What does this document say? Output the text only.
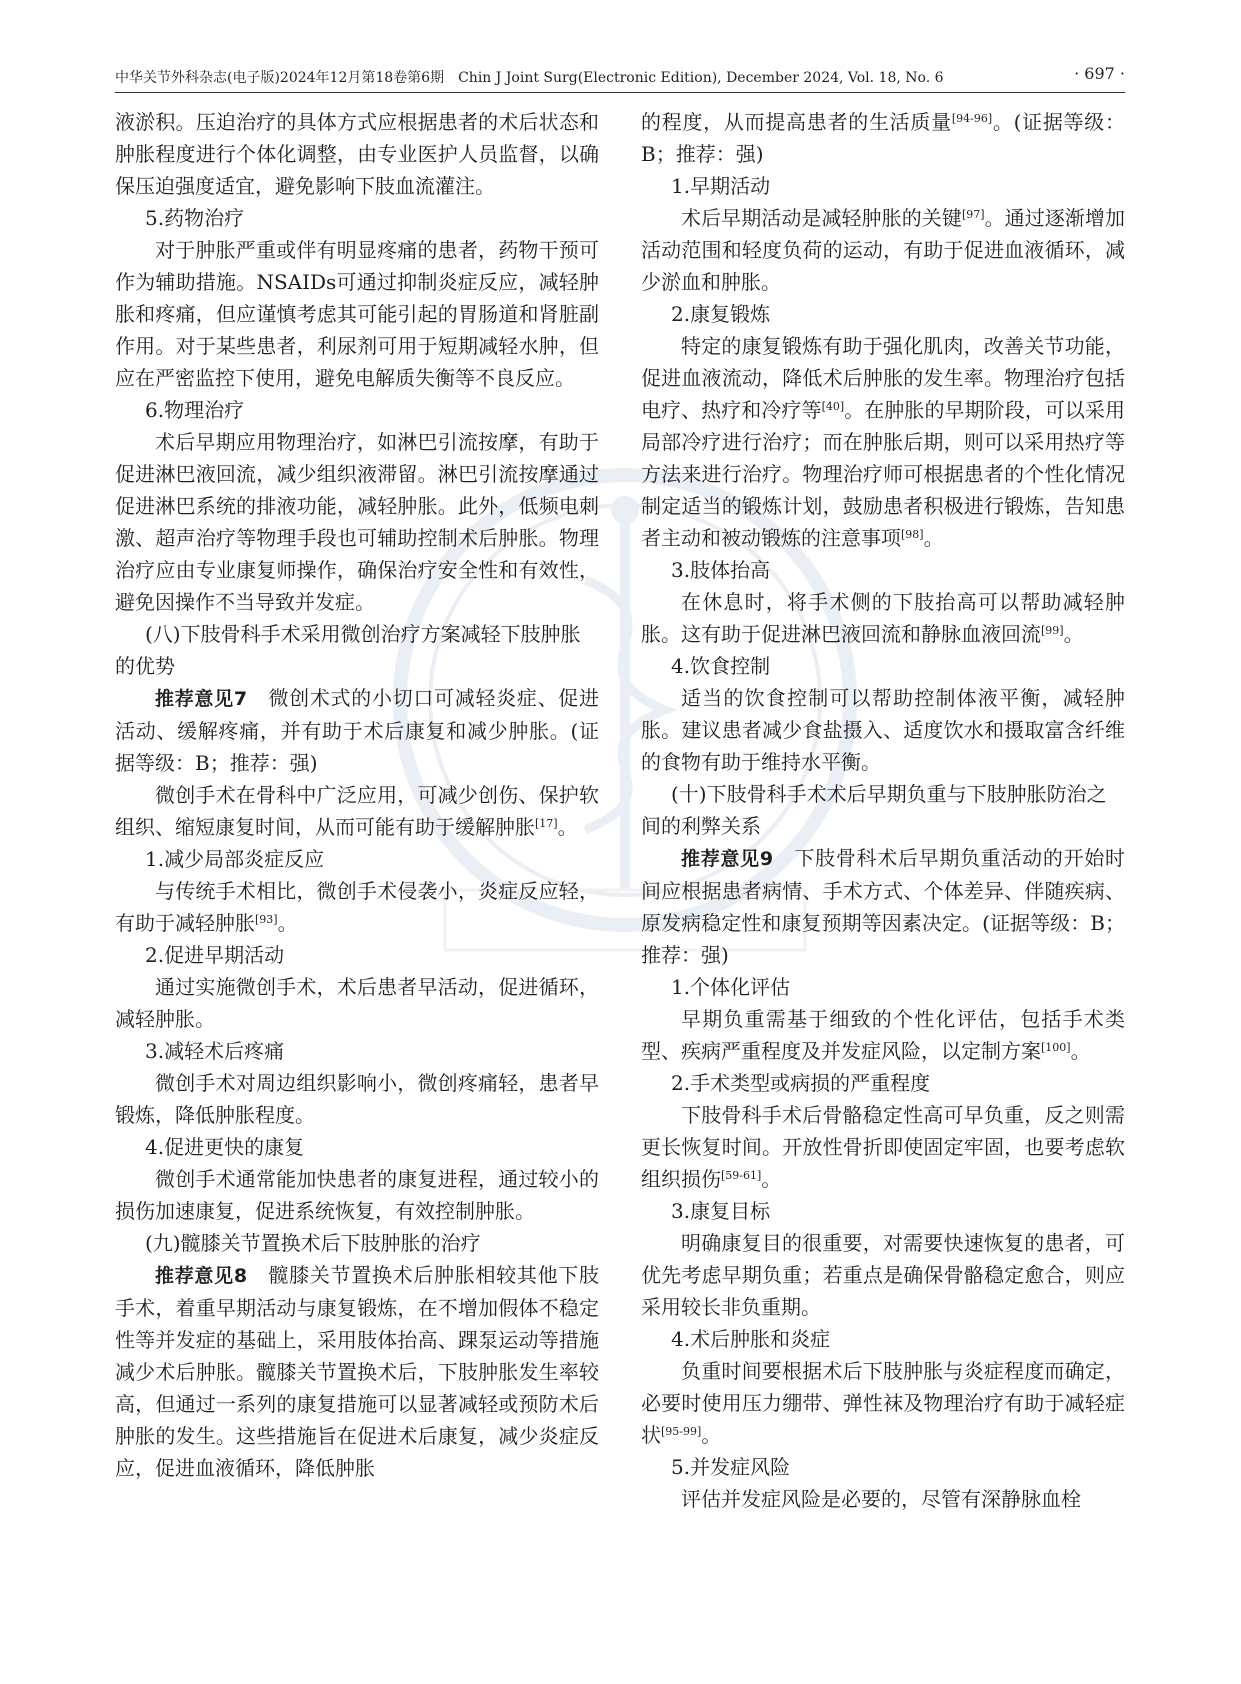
中华关节外科杂志(电子版)2024年12月第18卷第6期　Chin J Joint Surg(Electronic Edition), December 2024, Vol. 18, No. 6	· 697 ·

液淤积。压迫治疗的具体方式应根据患者的术后状态和肿胀程度进行个体化调整，由专业医护人员监督，以确保压迫强度适宜，避免影响下肢血流灌注。

5.药物治疗

对于肿胀严重或伴有明显疼痛的患者，药物干预可作为辅助措施。NSAIDs可通过抑制炎症反应，减轻肿胀和疼痛，但应谨慎考虑其可能引起的胃肠道和肾脏副作用。对于某些患者，利尿剂可用于短期减轻水肿，但应在严密监控下使用，避免电解质失衡等不良反应。

6.物理治疗

术后早期应用物理治疗，如淋巴引流按摩，有助于促进淋巴液回流，减少组织液滞留。淋巴引流按摩通过促进淋巴系统的排液功能，减轻肿胀。此外，低频电刺激、超声治疗等物理手段也可辅助控制术后肿胀。物理治疗应由专业康复师操作，确保治疗安全性和有效性，避免因操作不当导致并发症。

(八)下肢骨科手术采用微创治疗方案减轻下肢肿胀的优势

推荐意见7　微创术式的小切口可减轻炎症、促进活动、缓解疼痛，并有助于术后康复和减少肿胀。(证据等级：B；推荐：强)

微创手术在骨科中广泛应用，可减少创伤、保护软组织、缩短康复时间，从而可能有助于缓解肿胀[17]。

1.减少局部炎症反应

与传统手术相比，微创手术侵袭小，炎症反应轻，有助于减轻肿胀[93]。

2.促进早期活动

通过实施微创手术，术后患者早活动，促进循环，减轻肿胀。

3.减轻术后疼痛

微创手术对周边组织影响小，微创疼痛轻，患者早锻炼，降低肿胀程度。

4.促进更快的康复

微创手术通常能加快患者的康复进程，通过较小的损伤加速康复，促进系统恢复，有效控制肿胀。

(九)髋膝关节置换术后下肢肿胀的治疗

推荐意见8　髋膝关节置换术后肿胀相较其他下肢手术，着重早期活动与康复锻炼，在不增加假体不稳定性等并发症的基础上，采用肢体抬高、踝泵运动等措施减少术后肿胀。髋膝关节置换术后，下肢肿胀发生率较高，但通过一系列的康复措施可以显著减轻或预防术后肿胀的发生。这些措施旨在促进术后康复，减少炎症反应，促进血液循环，降低肿胀

的程度，从而提高患者的生活质量[94-96]。(证据等级：B；推荐：强)

1.早期活动

术后早期活动是减轻肿胀的关键[97]。通过逐渐增加活动范围和轻度负荷的运动，有助于促进血液循环，减少淤血和肿胀。

2.康复锻炼

特定的康复锻炼有助于强化肌肉，改善关节功能，促进血液流动，降低术后肿胀的发生率。物理治疗包括电疗、热疗和冷疗等[40]。在肿胀的早期阶段，可以采用局部冷疗进行治疗；而在肿胀后期，则可以采用热疗等方法来进行治疗。物理治疗师可根据患者的个性化情况制定适当的锻炼计划，鼓励患者积极进行锻炼，告知患者主动和被动锻炼的注意事项[98]。

3.肢体抬高

在休息时，将手术侧的下肢抬高可以帮助减轻肿胀。这有助于促进淋巴液回流和静脉血液回流[99]。

4.饮食控制

适当的饮食控制可以帮助控制体液平衡，减轻肿胀。建议患者减少食盐摄入、适度饮水和摄取富含纤维的食物有助于维持水平衡。

(十)下肢骨科手术术后早期负重与下肢肿胀防治之间的利弊关系

推荐意见9　下肢骨科术后早期负重活动的开始时间应根据患者病情、手术方式、个体差异、伴随疾病、原发病稳定性和康复预期等因素决定。(证据等级：B；推荐：强)

1.个体化评估

早期负重需基于细致的个性化评估，包括手术类型、疾病严重程度及并发症风险，以定制方案[100]。

2.手术类型或病损的严重程度

下肢骨科手术后骨骼稳定性高可早负重，反之则需更长恢复时间。开放性骨折即使固定牢固，也要考虑软组织损伤[59-61]。

3.康复目标

明确康复目的很重要，对需要快速恢复的患者，可优先考虑早期负重；若重点是确保骨骼稳定愈合，则应采用较长非负重期。

4.术后肿胀和炎症

负重时间要根据术后下肢肿胀与炎症程度而确定，必要时使用压力绷带、弹性袜及物理治疗有助于减轻症状[95-99]。

5.并发症风险

评估并发症风险是必要的，尽管有深静脉血栓
